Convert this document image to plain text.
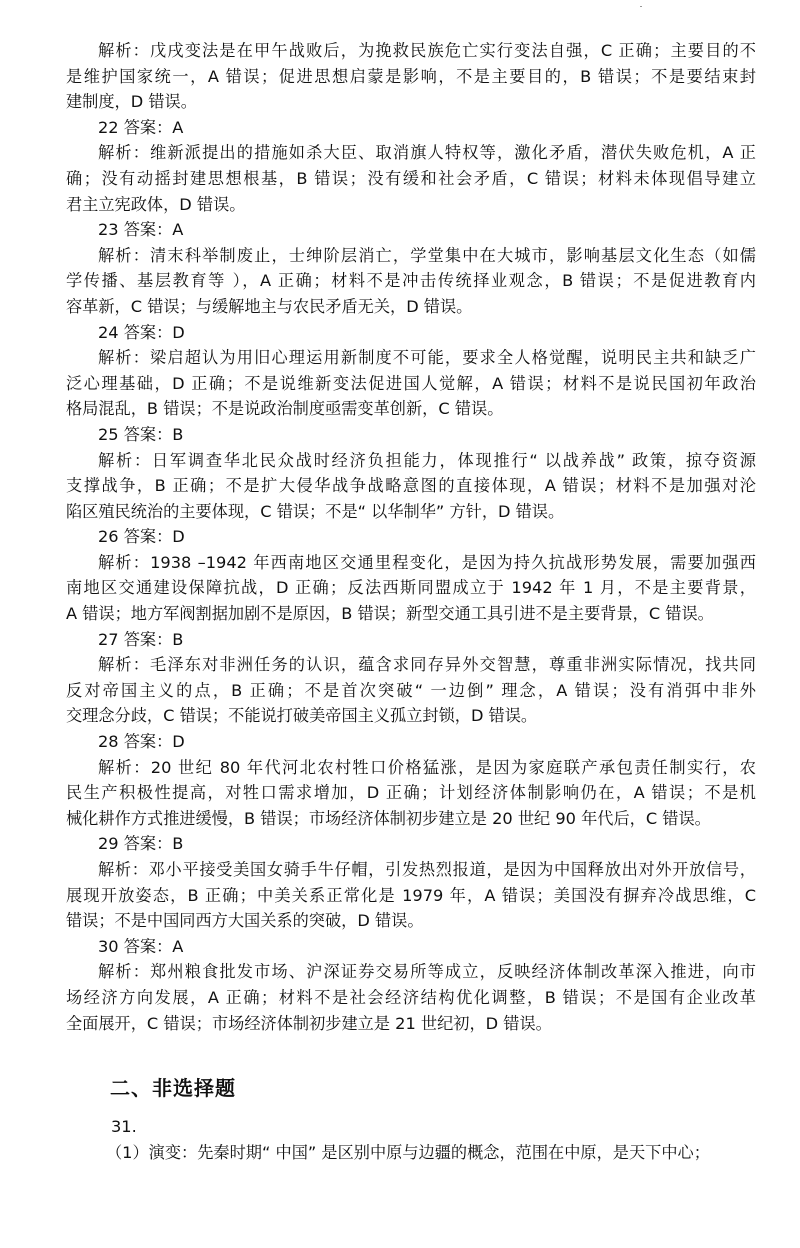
解析：戊戌变法是在甲午战败后，为挽救民族危亡实行变法自强，C 正确；主要目的不

是维护国家统一，A 错误；促进思想启蒙是影响，不是主要目的，B 错误；不是要结束封

建制度，D 错误。

22 答案：A

解析：维新派提出的措施如杀大臣、取消旗人特权等，激化矛盾，潜伏失败危机，A 正

确；没有动摇封建思想根基，B 错误；没有缓和社会矛盾，C 错误；材料未体现倡导建立

君主立宪政体，D 错误。

23 答案：A

解析：清末科举制废止，士绅阶层消亡，学堂集中在大城市，影响基层文化生态（如儒

学传播、基层教育等 ），A 正确；材料不是冲击传统择业观念，B 错误；不是促进教育内

容革新，C 错误；与缓解地主与农民矛盾无关，D 错误。

24 答案：D

解析：梁启超认为用旧心理运用新制度不可能，要求全人格觉醒，说明民主共和缺乏广

泛心理基础，D 正确；不是说维新变法促进国人觉解，A 错误；材料不是说民国初年政治

格局混乱，B 错误；不是说政治制度亟需变革创新，C 错误。

25 答案：B

解析：日军调查华北民众战时经济负担能力，体现推行“ 以战养战” 政策，掠夺资源

支撑战争，B 正确；不是扩大侵华战争战略意图的直接体现，A 错误；材料不是加强对沦

陷区殖民统治的主要体现，C 错误；不是“ 以华制华” 方针，D 错误。

26 答案：D

解析：1938 –1942 年西南地区交通里程变化，是因为持久抗战形势发展，需要加强西

南地区交通建设保障抗战，D 正确；反法西斯同盟成立于 1942 年 1 月，不是主要背景，

A 错误；地方军阀割据加剧不是原因，B 错误；新型交通工具引进不是主要背景，C 错误。

27 答案：B

解析：毛泽东对非洲任务的认识，蕴含求同存异外交智慧，尊重非洲实际情况，找共同

反对帝国主义的点，B 正确；不是首次突破“ 一边倒” 理念，A 错误；没有消弭中非外

交理念分歧，C 错误；不能说打破美帝国主义孤立封锁，D 错误。

28 答案：D

解析：20 世纪 80 年代河北农村牲口价格猛涨，是因为家庭联产承包责任制实行，农

民生产积极性提高，对牲口需求增加，D 正确；计划经济体制影响仍在，A 错误；不是机

械化耕作方式推进缓慢，B 错误；市场经济体制初步建立是 20 世纪 90 年代后，C 错误。

29 答案：B

解析：邓小平接受美国女骑手牛仔帽，引发热烈报道，是因为中国释放出对外开放信号，

展现开放姿态，B 正确；中美关系正常化是 1979 年，A 错误；美国没有摒弃冷战思维，C

错误；不是中国同西方大国关系的突破，D 错误。

30 答案：A

解析：郑州粮食批发市场、沪深证券交易所等成立，反映经济体制改革深入推进，向市

场经济方向发展，A 正确；材料不是社会经济结构优化调整，B 错误；不是国有企业改革

全面展开，C 错误；市场经济体制初步建立是 21 世纪初，D 错误。

二、非选择题

31.

（1）演变：先秦时期“ 中国” 是区别中原与边疆的概念，范围在中原，是天下中心；
